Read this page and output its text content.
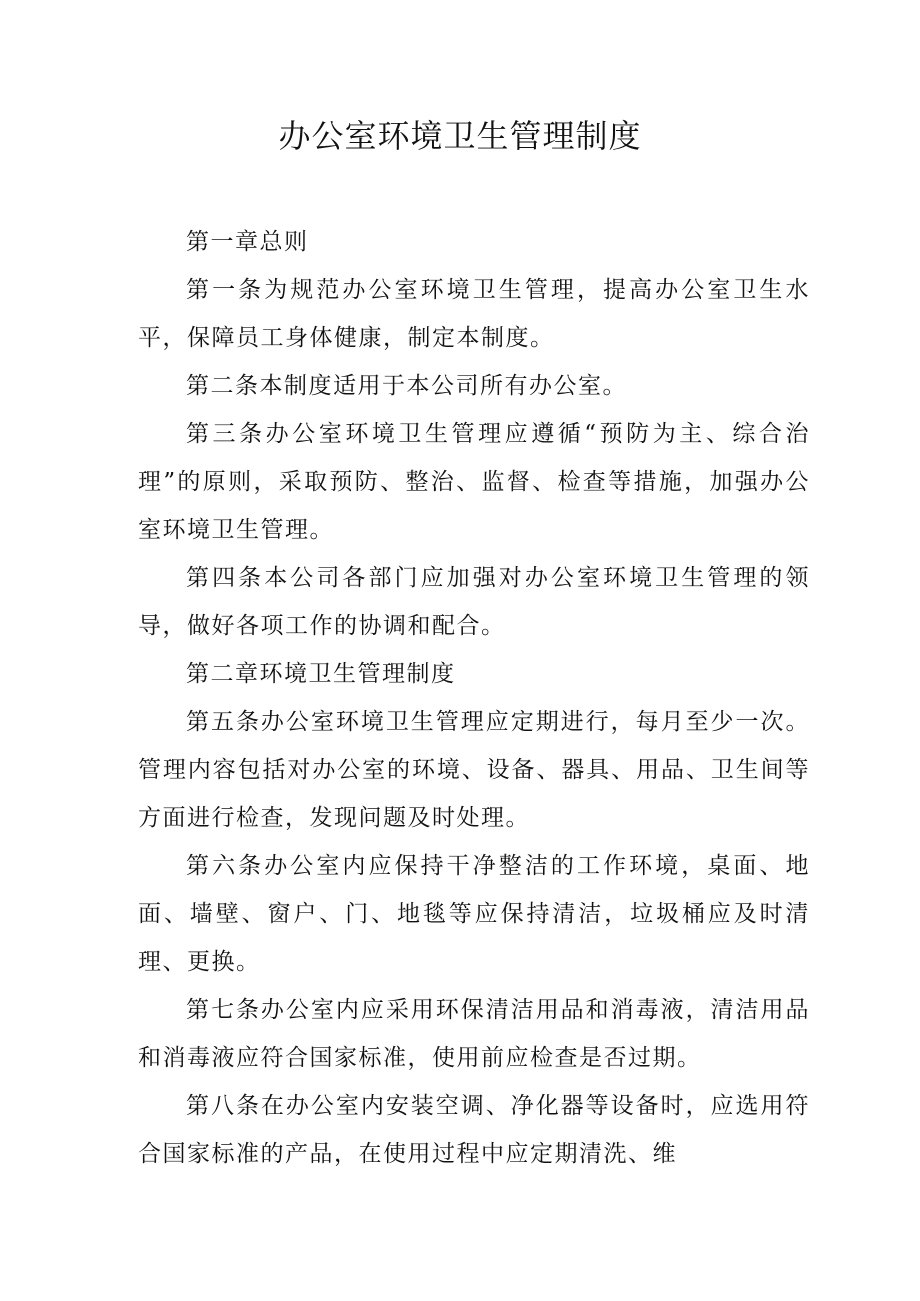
办公室环境卫生管理制度

第一章总则

第一条为规范办公室环境卫生管理，提高办公室卫生水平，保障员工身体健康，制定本制度。

第二条本制度适用于本公司所有办公室。

第三条办公室环境卫生管理应遵循“预防为主、综合治理”的原则，采取预防、整治、监督、检查等措施，加强办公室环境卫生管理。

第四条本公司各部门应加强对办公室环境卫生管理的领导，做好各项工作的协调和配合。

第二章环境卫生管理制度

第五条办公室环境卫生管理应定期进行，每月至少一次。管理内容包括对办公室的环境、设备、器具、用品、卫生间等方面进行检查，发现问题及时处理。

第六条办公室内应保持干净整洁的工作环境，桌面、地面、墙壁、窗户、门、地毯等应保持清洁，垃圾桶应及时清理、更换。

第七条办公室内应采用环保清洁用品和消毒液，清洁用品和消毒液应符合国家标准，使用前应检查是否过期。

第八条在办公室内安装空调、净化器等设备时，应选用符合国家标准的产品，在使用过程中应定期清洗、维
